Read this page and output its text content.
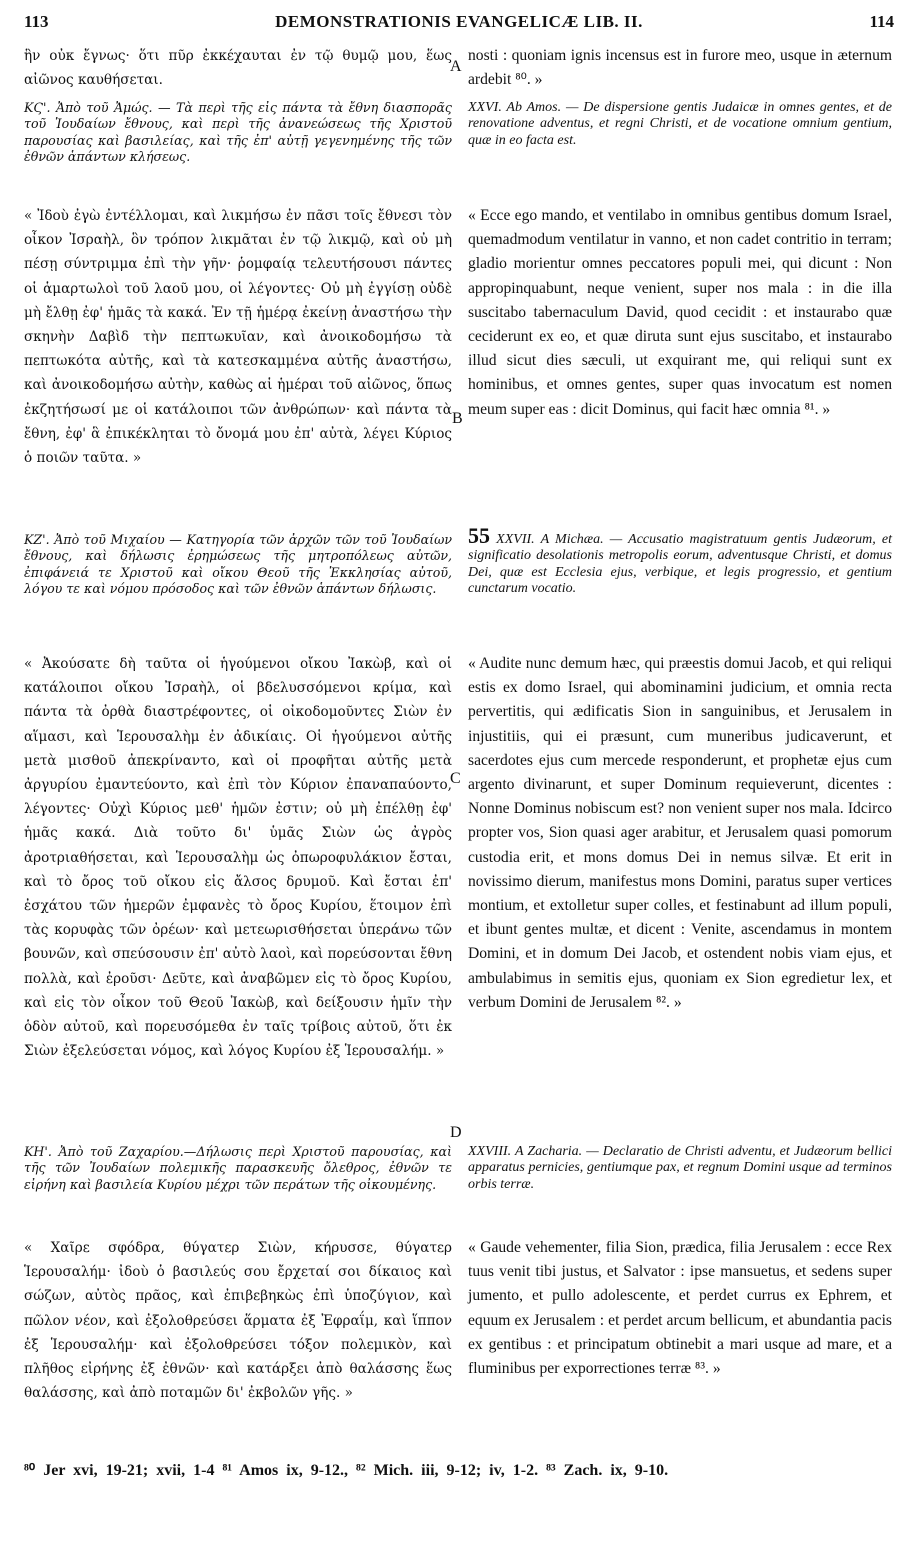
113	DEMONSTRATIONIS EVANGELICÆ LIB. II.	114
ἣν οὐκ ἔγνως· ὅτι πῦρ ἐκκέχαυται ἐν τῷ θυμῷ μου, ἕως αἰῶνος καυθήσεται.
ΚϚ'. Ἀπὸ τοῦ Ἀμώς. — Τὰ περὶ τῆς εἰς πάντα τὰ ἔθνη διασπορᾶς τοῦ Ἰουδαίων ἔθνους, καὶ περὶ τῆς ἀνανεώσεως τῆς Χριστοῦ παρουσίας καὶ βασιλείας, καὶ τῆς ἐπ' αὐτῇ γεγενημένης τῆς τῶν ἐθνῶν ἁπάντων κλήσεως.
« Ἰδοὺ ἐγὼ ἐντέλλομαι, καὶ λικμήσω ἐν πᾶσι τοῖς ἔθνεσι τὸν οἶκον Ἰσραὴλ, ὃν τρόπον λικμᾶται ἐν τῷ λικμῷ, καὶ οὐ μὴ πέσῃ σύντριμμα ἐπὶ τὴν γῆν· ῥομφαίᾳ τελευτήσουσι πάντες οἱ ἁμαρτωλοὶ τοῦ λαοῦ μου, οἱ λέγοντες· Οὐ μὴ ἐγγίσῃ οὐδὲ μὴ ἔλθῃ ἐφ' ἡμᾶς τὰ κακά. Ἐν τῇ ἡμέρᾳ ἐκείνῃ ἀναστήσω τὴν σκηνὴν Δαβὶδ τὴν πεπτωκυῖαν, καὶ ἀνοικοδομήσω τὰ πεπτωκότα αὐτῆς, καὶ τὰ κατεσκαμμένα αὐτῆς ἀναστήσω, καὶ ἀνοικοδομήσω αὐτὴν, καθὼς αἱ ἡμέραι τοῦ αἰῶνος, ὅπως ἐκζητήσωσί με οἱ κατάλοιποι τῶν ἀνθρώπων· καὶ πάντα τὰ ἔθνη, ἐφ' ἃ ἐπικέκληται τὸ ὄνομά μου ἐπ' αὐτὰ, λέγει Κύριος ὁ ποιῶν ταῦτα. »
ΚΖ'. Ἀπὸ τοῦ Μιχαίου — Κατηγορία τῶν ἀρχῶν τῶν τοῦ Ἰουδαίων ἔθνους, καὶ δήλωσις ἐρημώσεως τῆς μητροπόλεως αὐτῶν, ἐπιφάνειά τε Χριστοῦ καὶ οἴκου Θεοῦ τῆς Ἐκκλησίας αὐτοῦ, λόγου τε καὶ νόμου πρόσοδος καὶ τῶν ἐθνῶν ἁπάντων δήλωσις.
« Ἀκούσατε δὴ ταῦτα οἱ ἡγούμενοι οἴκου Ἰακὼβ, καὶ οἱ κατάλοιποι οἴκου Ἰσραὴλ, οἱ βδελυσσόμενοι κρίμα, καὶ πάντα τὰ ὀρθὰ διαστρέφοντες, οἱ οἰκοδομοῦντες Σιὼν ἐν αἵμασι, καὶ Ἱερουσαλὴμ ἐν ἀδικίαις. Οἱ ἡγούμενοι αὐτῆς μετὰ μισθοῦ ἀπεκρίναντο, καὶ οἱ προφῆται αὐτῆς μετὰ ἀργυρίου ἐμαντεύοντο, καὶ ἐπὶ τὸν Κύριον ἐπαναπαύοντο, λέγοντες· Οὐχὶ Κύριος μεθ' ἡμῶν ἐστιν; οὐ μὴ ἐπέλθῃ ἐφ' ἡμᾶς κακά. Διὰ τοῦτο δι' ὑμᾶς Σιὼν ὡς ἀγρὸς ἀροτριαθήσεται, καὶ Ἱερουσαλὴμ ὡς ὀπωροφυλάκιον ἔσται, καὶ τὸ ὄρος τοῦ οἴκου εἰς ἄλσος δρυμοῦ. Καὶ ἔσται ἐπ' ἐσχάτου τῶν ἡμερῶν ἐμφανὲς τὸ ὄρος Κυρίου, ἕτοιμον ἐπὶ τὰς κορυφὰς τῶν ὀρέων· καὶ μετεωρισθήσεται ὑπεράνω τῶν βουνῶν, καὶ σπεύσουσιν ἐπ' αὐτὸ λαοὶ, καὶ πορεύσονται ἔθνη πολλὰ, καὶ ἐροῦσι· Δεῦτε, καὶ ἀναβῶμεν εἰς τὸ ὄρος Κυρίου, καὶ εἰς τὸν οἶκον τοῦ Θεοῦ Ἰακὼβ, καὶ δείξουσιν ἡμῖν τὴν ὁδὸν αὐτοῦ, καὶ πορευσόμεθα ἐν ταῖς τρίβοις αὐτοῦ, ὅτι ἐκ Σιὼν ἐξελεύσεται νόμος, καὶ λόγος Κυρίου ἐξ Ἱερουσαλήμ. »
ΚΗ'. Ἀπὸ τοῦ Ζαχαρίου.—Δήλωσις περὶ Χριστοῦ παρουσίας, καὶ τῆς τῶν Ἰουδαίων πολεμικῆς παρασκευῆς ὄλεθρος, ἐθνῶν τε εἰρήνη καὶ βασιλεία Κυρίου μέχρι τῶν περάτων τῆς οἰκουμένης.
« Χαῖρε σφόδρα, θύγατερ Σιὼν, κήρυσσε, θύγατερ Ἱερουσαλήμ· ἰδοὺ ὁ βασιλεύς σου ἔρχεταί σοι δίκαιος καὶ σώζων, αὐτὸς πρᾶος, καὶ ἐπιβεβηκὼς ἐπὶ ὑποζύγιον, καὶ πῶλον νέον, καὶ ἐξολοθρεύσει ἅρματα ἐξ Ἐφραΐμ, καὶ ἵππον ἐξ Ἱερουσαλήμ· καὶ ἐξολοθρεύσει τόξον πολεμικὸν, καὶ πλῆθος εἰρήνης ἐξ ἐθνῶν· καὶ κατάρξει ἀπὸ θαλάσσης ἕως θαλάσσης, καὶ ἀπὸ ποταμῶν δι' ἐκβολῶν γῆς. »
A
B
C
D
nosti : quoniam ignis incensus est in furore meo, usque in æternum ardebit ⁸⁰. »
XXVI. Ab Amos. — De dispersione gentis Judaicæ in omnes gentes, et de renovatione adventus, et regni Christi, et de vocatione omnium gentium, quæ in eo facta est.
« Ecce ego mando, et ventilabo in omnibus gentibus domum Israel, quemadmodum ventilatur in vanno, et non cadet contritio in terram; gladio morientur omnes peccatores populi mei, qui dicunt : Non appropinquabunt, neque venient, super nos mala : in die illa suscitabo tabernaculum David, quod cecidit : et instaurabo quæ ceciderunt ex eo, et quæ diruta sunt ejus suscitabo, et instaurabo illud sicut dies sæculi, ut exquirant me, qui reliqui sunt ex hominibus, et omnes gentes, super quas invocatum est nomen meum super eas : dicit Dominus, qui facit hæc omnia ⁸¹. »
55 XXVII. A Michæa. — Accusatio magistratuum gentis Judæorum, et significatio desolationis metropolis eorum, adventusque Christi, et domus Dei, quæ est Ecclesia ejus, verbique, et legis progressio, et gentium cunctarum vocatio.
« Audite nunc demum hæc, qui præestis domui Jacob, et qui reliqui estis ex domo Israel, qui abominamini judicium, et omnia recta pervertitis, qui ædificatis Sion in sanguinibus, et Jerusalem in injustitiis, qui ei præsunt, cum muneribus judicaverunt, et sacerdotes ejus cum mercede responderunt, et prophetæ ejus cum argento divinarunt, et super Dominum requieverunt, dicentes : Nonne Dominus nobiscum est? non venient super nos mala. Idcirco propter vos, Sion quasi ager arabitur, et Jerusalem quasi pomorum custodia erit, et mons domus Dei in nemus silvæ. Et erit in novissimo dierum, manifestus mons Domini, paratus super vertices montium, et extolletur super colles, et festinabunt ad illum populi, et ibunt gentes multæ, et dicent : Venite, ascendamus in montem Domini, et in domum Dei Jacob, et ostendent nobis viam ejus, et ambulabimus in semitis ejus, quoniam ex Sion egredietur lex, et verbum Domini de Jerusalem ⁸². »
XXVIII. A Zacharia. — Declaratio de Christi adventu, et Judæorum bellici apparatus pernicies, gentiumque pax, et regnum Domini usque ad terminos orbis terræ.
« Gaude vehementer, filia Sion, prædica, filia Jerusalem : ecce Rex tuus venit tibi justus, et Salvator : ipse mansuetus, et sedens super jumento, et pullo adolescente, et perdet currus ex Ephrem, et equum ex Jerusalem : et perdet arcum bellicum, et abundantia pacis ex gentibus : et principatum obtinebit a mari usque ad mare, et a fluminibus per exporrectiones terræ ⁸³. »
⁸⁰ Jer xvi, 19-21; xvii, 1-4 ⁸¹ Amos ix, 9-12., ⁸² Mich. iii, 9-12; iv, 1-2. ⁸³ Zach. ix, 9-10.
